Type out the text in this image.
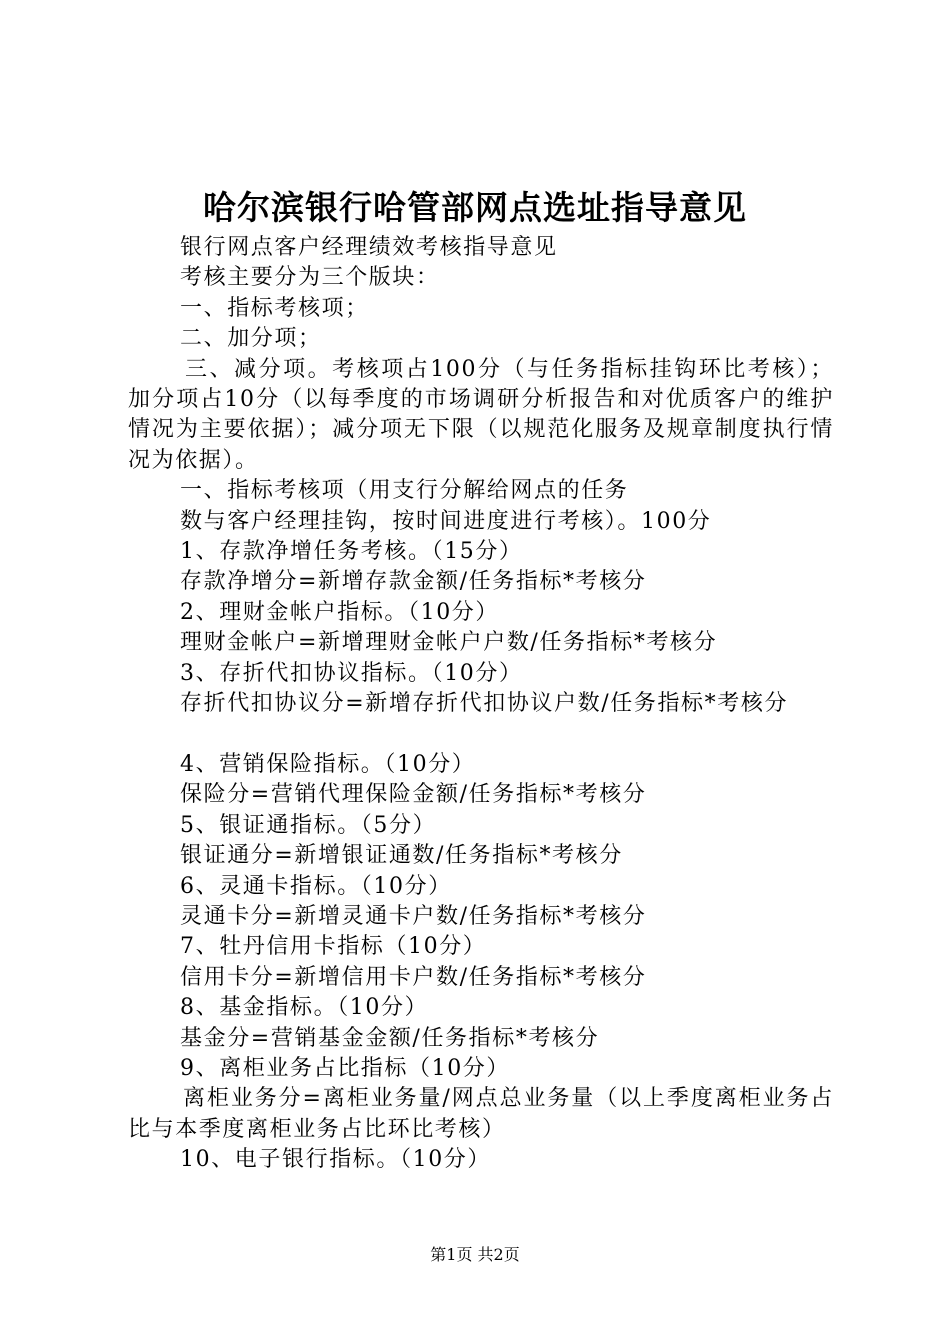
哈尔滨银行哈管部网点选址指导意见

银行网点客户经理绩效考核指导意见

考核主要分为三个版块：

一、指标考核项；

二、加分项；

三、减分项。考核项占100分（与任务指标挂钩环比考核）；加分项占10分（以每季度的市场调研分析报告和对优质客户的维护情况为主要依据）；减分项无下限（以规范化服务及规章制度执行情况为依据）。

一、指标考核项（用支行分解给网点的任务

数与客户经理挂钩，按时间进度进行考核）。100分

1、存款净增任务考核。（15分）

存款净增分=新增存款金额/任务指标*考核分

2、理财金帐户指标。（10分）

理财金帐户=新增理财金帐户户数/任务指标*考核分

3、存折代扣协议指标。（10分）

存折代扣协议分=新增存折代扣协议户数/任务指标*考核分

4、营销保险指标。（10分）

保险分=营销代理保险金额/任务指标*考核分

5、银证通指标。（5分）

银证通分=新增银证通数/任务指标*考核分

6、灵通卡指标。（10分）

灵通卡分=新增灵通卡户数/任务指标*考核分

7、牡丹信用卡指标（10分）

信用卡分=新增信用卡户数/任务指标*考核分

8、基金指标。（10分）

基金分=营销基金金额/任务指标*考核分

9、离柜业务占比指标（10分）

离柜业务分=离柜业务量/网点总业务量（以上季度离柜业务占比与本季度离柜业务占比环比考核）

10、电子银行指标。（10分）

第1页 共2页
